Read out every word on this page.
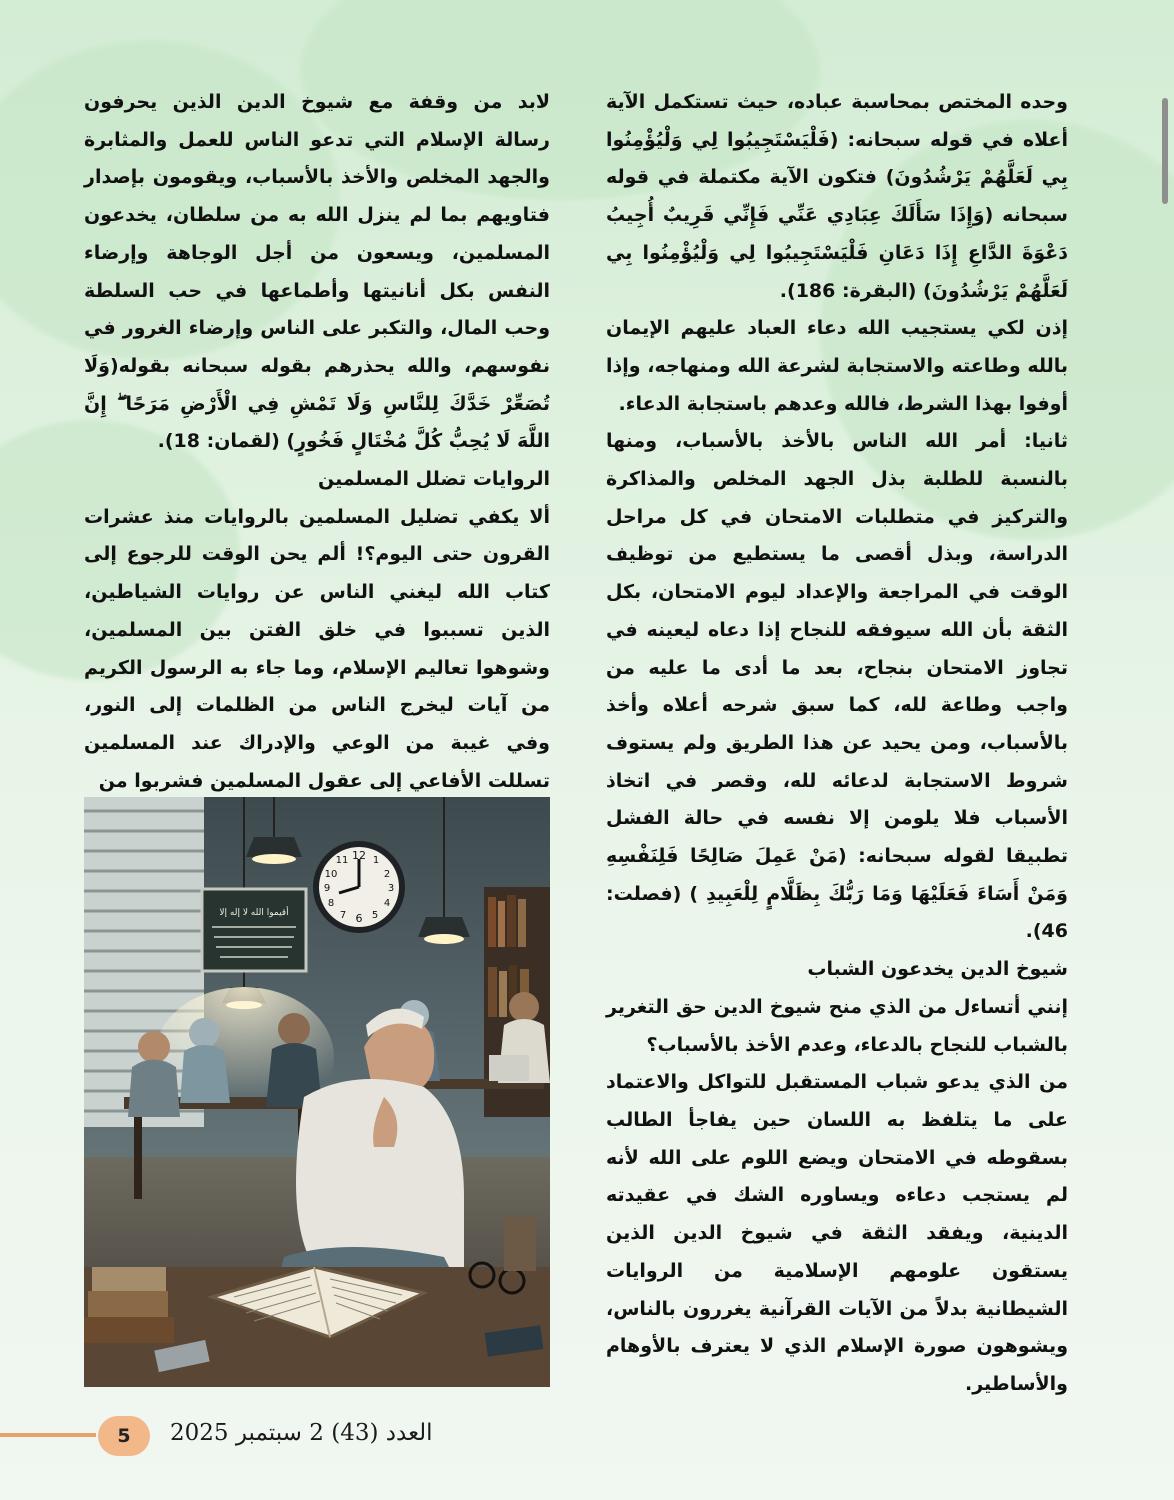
وحده المختص بمحاسبة عباده، حيث تستكمل الآية أعلاه في قوله سبحانه: (فَلْيَسْتَجِيبُوا لِي وَلْيُؤْمِنُوا بِي لَعَلَّهُمْ يَرْشُدُونَ) فتكون الآية مكتملة في قوله سبحانه (وَإِذَا سَأَلَكَ عِبَادِي عَنِّي فَإِنِّي قَرِيبٌ أُجِيبُ دَعْوَةَ الدَّاعِ إِذَا دَعَانِ فَلْيَسْتَجِيبُوا لِي وَلْيُؤْمِنُوا بِي لَعَلَّهُمْ يَرْشُدُونَ) (البقرة: 186).

إذن لكي يستجيب الله دعاء العباد عليهم الإيمان بالله وطاعته والاستجابة لشرعة الله ومنهاجه، وإذا أوفوا بهذا الشرط، فالله وعدهم باستجابة الدعاء.

ثانيا: أمر الله الناس بالأخذ بالأسباب، ومنها بالنسبة للطلبة بذل الجهد المخلص والمذاكرة والتركيز في متطلبات الامتحان في كل مراحل الدراسة، وبذل أقصى ما يستطيع من توظيف الوقت في المراجعة والإعداد ليوم الامتحان، بكل الثقة بأن الله سيوفقه للنجاح إذا دعاه ليعينه في تجاوز الامتحان بنجاح، بعد ما أدى ما عليه من واجب وطاعة لله، كما سبق شرحه أعلاه وأخذ بالأسباب، ومن يحيد عن هذا الطريق ولم يستوف شروط الاستجابة لدعائه لله، وقصر في اتخاذ الأسباب فلا يلومن إلا نفسه في حالة الفشل تطبيقا لقوله سبحانه: (مَنْ عَمِلَ صَالِحًا فَلِنَفْسِهِ وَمَنْ أَسَاءَ فَعَلَيْهَا وَمَا رَبُّكَ بِظَلَّامٍ لِلْعَبِيدِ ) (فصلت: 46).

شيوخ الدين يخدعون الشباب

إنني أتساءل من الذي منح شيوخ الدين حق التغرير بالشباب للنجاح بالدعاء، وعدم الأخذ بالأسباب؟

من الذي يدعو شباب المستقبل للتواكل والاعتماد على ما يتلفظ به اللسان حين يفاجأ الطالب بسقوطه في الامتحان ويضع اللوم على الله لأنه لم يستجب دعاءه ويساوره الشك في عقيدته الدينية، ويفقد الثقة في شيوخ الدين الذين يستقون علومهم الإسلامية من الروايات الشيطانية بدلاً من الآيات القرآنية يغررون بالناس، ويشوهون صورة الإسلام الذي لا يعترف بالأوهام والأساطير.

لابد من وقفة مع شيوخ الدين الذين يحرفون رسالة الإسلام التي تدعو الناس للعمل والمثابرة والجهد المخلص والأخذ بالأسباب، ويقومون بإصدار فتاويهم بما لم ينزل الله به من سلطان، يخدعون المسلمين، ويسعون من أجل الوجاهة وإرضاء النفس بكل أنانيتها وأطماعها في حب السلطة وحب المال، والتكبر على الناس وإرضاء الغرور في نفوسهم، والله يحذرهم بقوله سبحانه بقوله(وَلَا تُصَعِّرْ خَدَّكَ لِلنَّاسِ وَلَا تَمْشِ فِي الْأَرْضِ مَرَحًا ۖ إِنَّ اللَّهَ لَا يُحِبُّ كُلَّ مُخْتَالٍ فَخُورٍ) (لقمان: 18).

الروايات تضلل المسلمين

ألا يكفي تضليل المسلمين بالروايات منذ عشرات القرون حتى اليوم؟! ألم يحن الوقت للرجوع إلى كتاب الله ليغني الناس عن روايات الشياطين، الذين تسببوا في خلق الفتن بين المسلمين، وشوهوا تعاليم الإسلام، وما جاء به الرسول الكريم من آيات ليخرج الناس من الظلمات إلى النور، وفي غيبة من الوعي والإدراك عند المسلمين تسللت الأفاعي إلى عقول المسلمين فشربوا من

12 1
2
3
4
5
6
7
8
9
10
11
أقيموا الله لا إله إلا
5	العدد (43) 2 سبتمبر 2025
